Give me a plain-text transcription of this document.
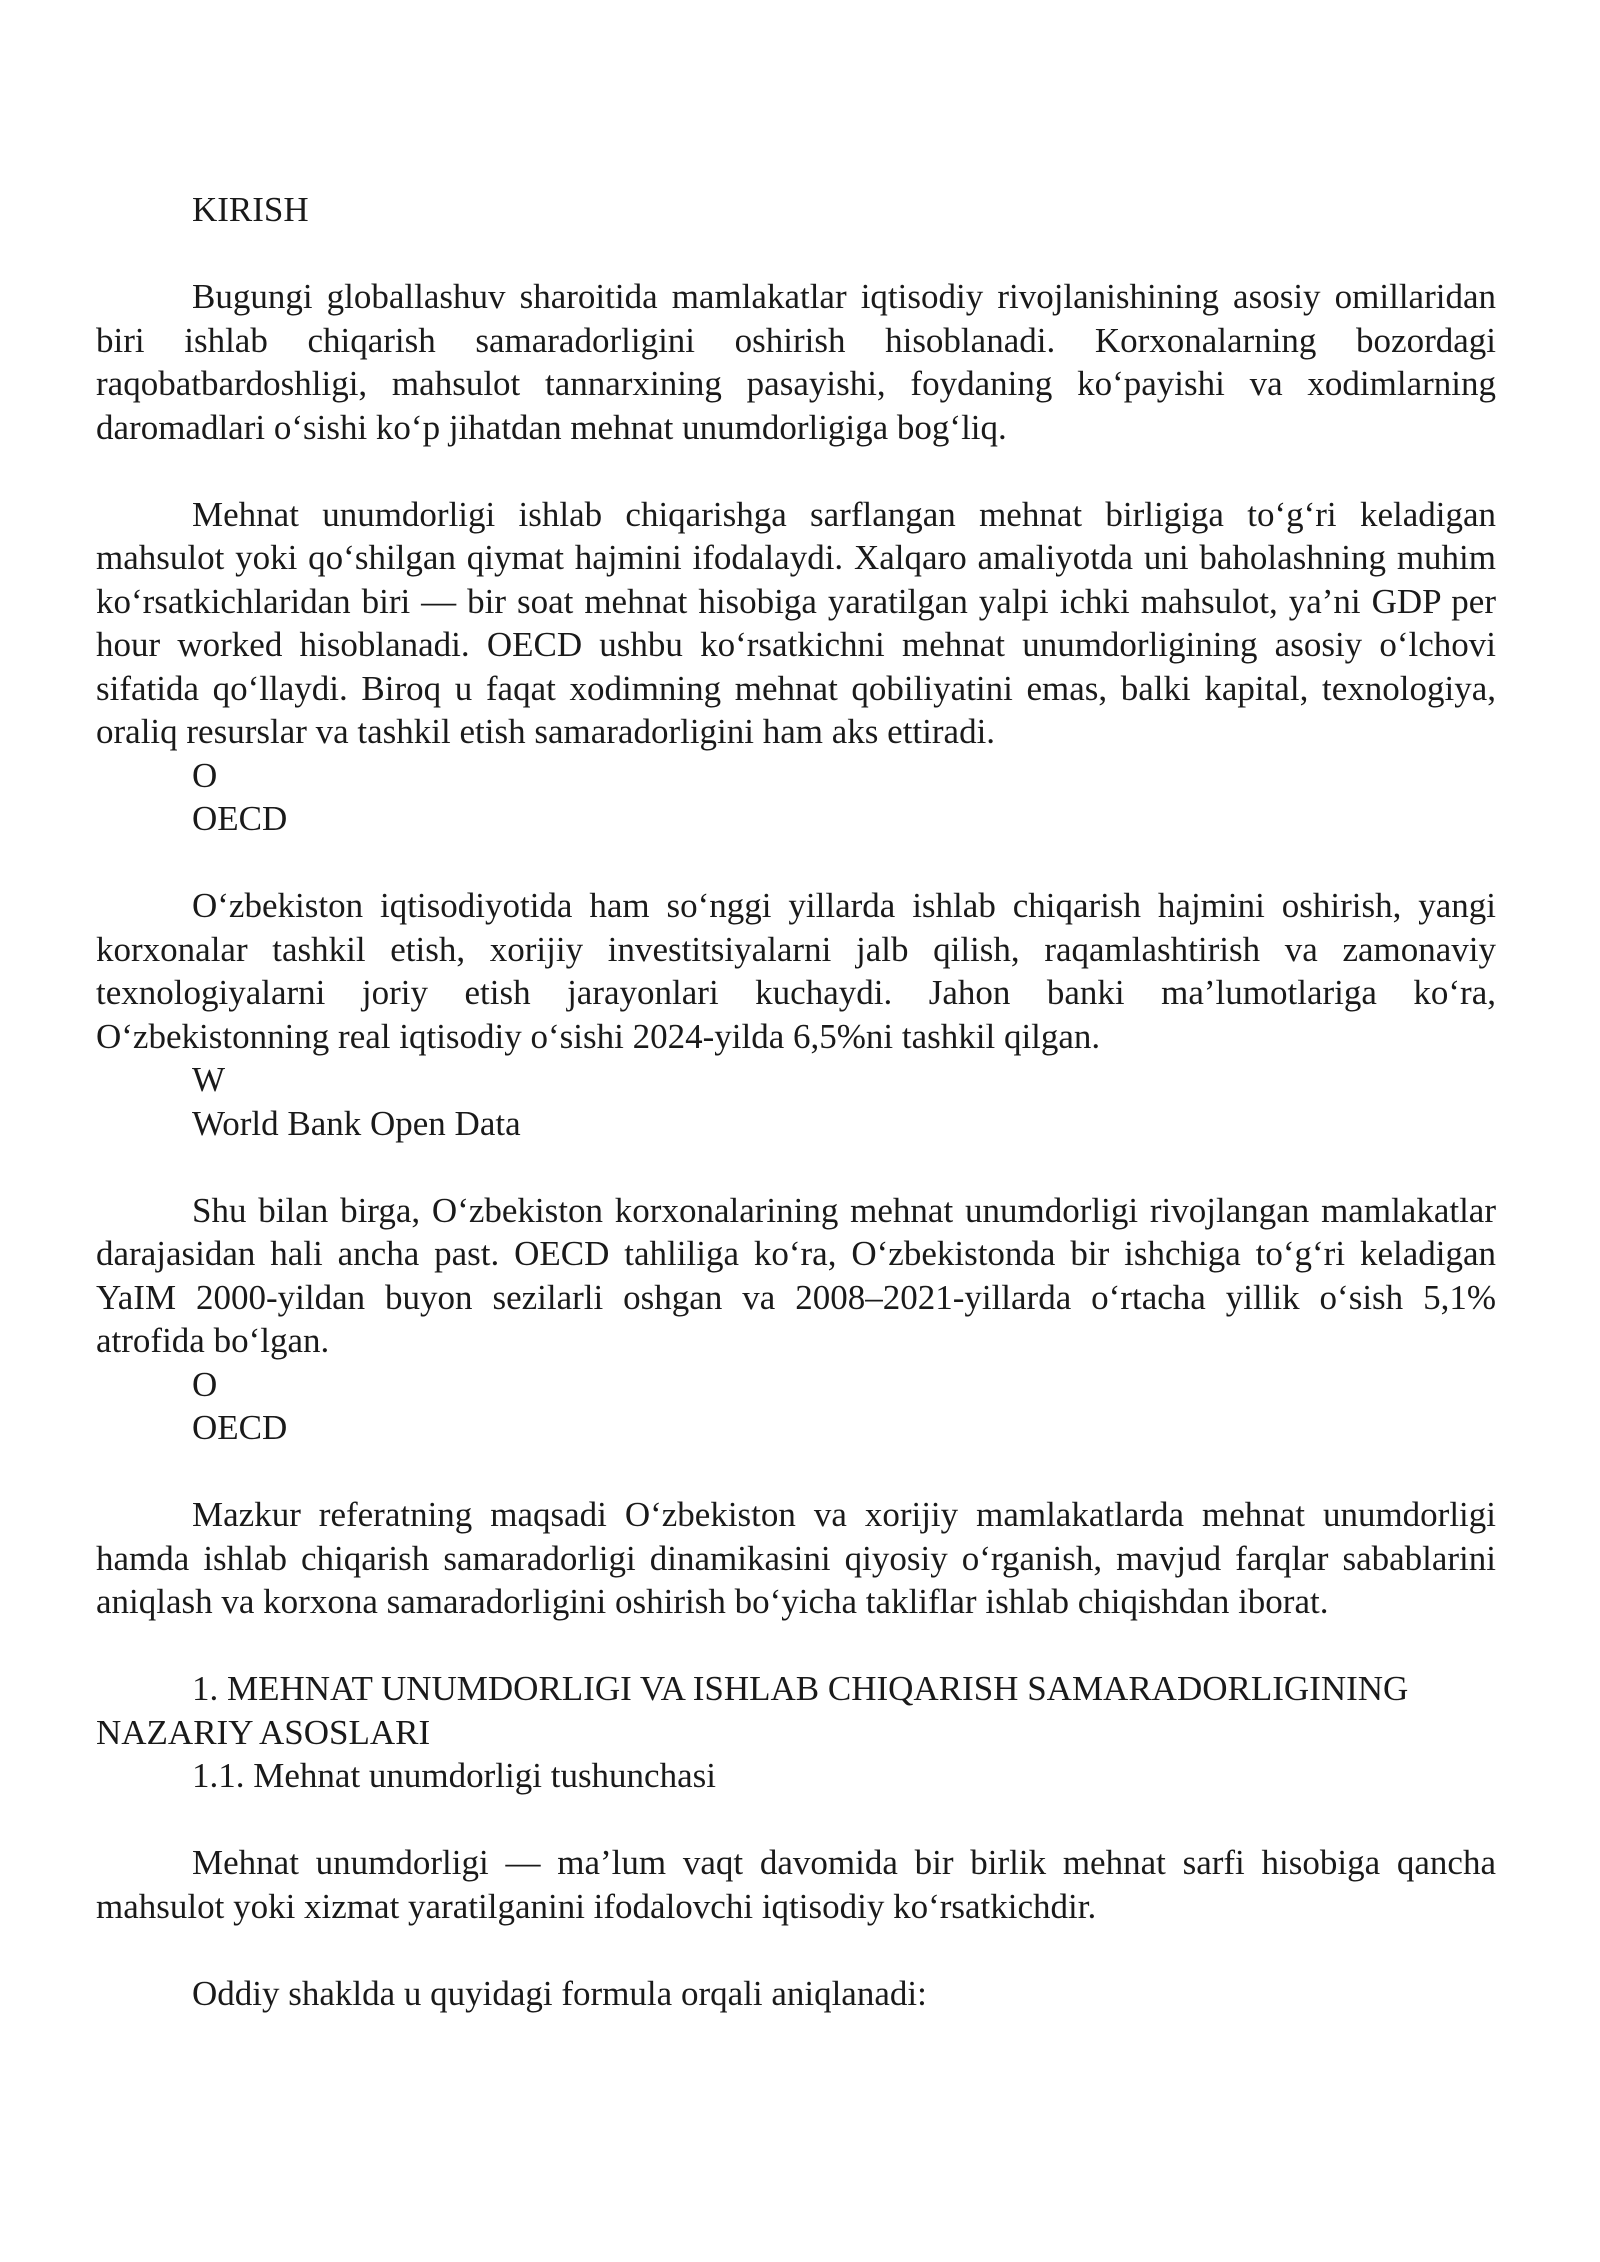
KIRISH

Bugungi globallashuv sharoitida mamlakatlar iqtisodiy rivojlanishining asosiy omillaridan biri ishlab chiqarish samaradorligini oshirish hisoblanadi. Korxonalarning bozordagi raqobatbardoshligi, mahsulot tannarxining pasayishi, foydaning ko‘payishi va xodimlarning daromadlari o‘sishi ko‘p jihatdan mehnat unumdorligiga bog‘liq.

Mehnat unumdorligi ishlab chiqarishga sarflangan mehnat birligiga to‘g‘ri keladigan mahsulot yoki qo‘shilgan qiymat hajmini ifodalaydi. Xalqaro amaliyotda uni baholashning muhim ko‘rsatkichlaridan biri — bir soat mehnat hisobiga yaratilgan yalpi ichki mahsulot, ya’ni GDP per hour worked hisoblanadi. OECD ushbu ko‘rsatkichni mehnat unumdorligining asosiy o‘lchovi sifatida qo‘llaydi. Biroq u faqat xodimning mehnat qobiliyatini emas, balki kapital, texnologiya, oraliq resurslar va tashkil etish samaradorligini ham aks ettiradi.

O

OECD

O‘zbekiston iqtisodiyotida ham so‘nggi yillarda ishlab chiqarish hajmini oshirish, yangi korxonalar tashkil etish, xorijiy investitsiyalarni jalb qilish, raqamlashtirish va zamonaviy texnologiyalarni joriy etish jarayonlari kuchaydi. Jahon banki ma’lumotlariga ko‘ra, O‘zbekistonning real iqtisodiy o‘sishi 2024-yilda 6,5%ni tashkil qilgan.

W

World Bank Open Data

Shu bilan birga, O‘zbekiston korxonalarining mehnat unumdorligi rivojlangan mamlakatlar darajasidan hali ancha past. OECD tahliliga ko‘ra, O‘zbekistonda bir ishchiga to‘g‘ri keladigan YaIM 2000-yildan buyon sezilarli oshgan va 2008–2021-yillarda o‘rtacha yillik o‘sish 5,1% atrofida bo‘lgan.

O

OECD

Mazkur referatning maqsadi O‘zbekiston va xorijiy mamlakatlarda mehnat unumdorligi hamda ishlab chiqarish samaradorligi dinamikasini qiyosiy o‘rganish, mavjud farqlar sabablarini aniqlash va korxona samaradorligini oshirish bo‘yicha takliflar ishlab chiqishdan iborat.

1. MEHNAT UNUMDORLIGI VA ISHLAB CHIQARISH SAMARADORLIGINING NAZARIY ASOSLARI

1.1. Mehnat unumdorligi tushunchasi

Mehnat unumdorligi — ma’lum vaqt davomida bir birlik mehnat sarfi hisobiga qancha mahsulot yoki xizmat yaratilganini ifodalovchi iqtisodiy ko‘rsatkichdir.

Oddiy shaklda u quyidagi formula orqali aniqlanadi:
